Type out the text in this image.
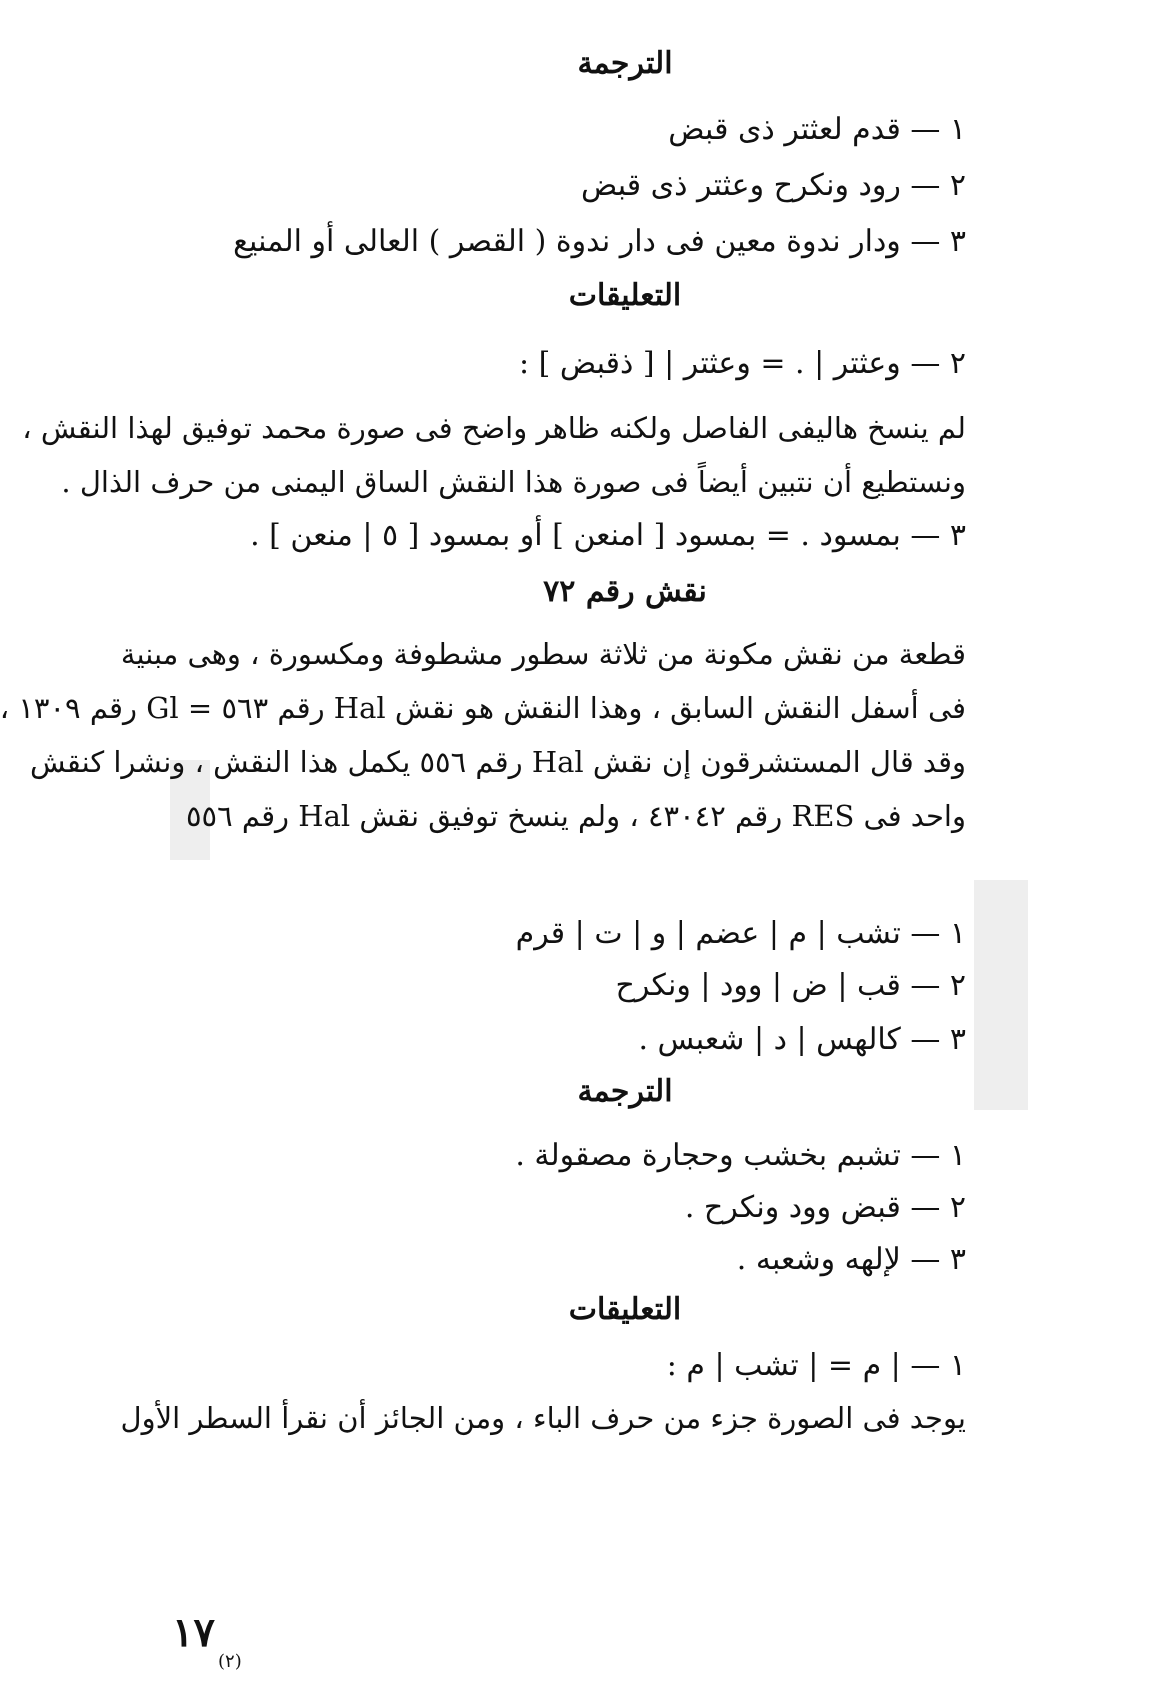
الترجمة
١ — قدم لعثتر ذى قبض
٢ — رود ونكرح وعثتر ذى قبض
٣ — ودار ندوة معين فى دار ندوة ( القصر ) العالى أو المنيع
التعليقات
٢ — وعثتر | . = وعثتر | [ ذقبض ] :
لم ينسخ هاليفى الفاصل ولكنه ظاهر واضح فى صورة محمد توفيق لهذا النقش ،
ونستطيع أن نتبين أيضاً فى صورة هذا النقش الساق اليمنى من حرف الذال .
٣ — بمسود . = بمسود [ امنعن ] أو بمسود [ ٥ | منعن ] .
نقش رقم ٧٢
قطعة من نقش مكونة من ثلاثة سطور مشطوفة ومكسورة ، وهى مبنية
فى أسفل النقش السابق ، وهذا النقش هو نقش Hal رقم ٥٦٣ = Gl رقم ١٣٠٩ ،
وقد قال المستشرقون إن نقش Hal رقم ٥٥٦ يكمل هذا النقش ، ونشرا كنقش
واحد فى RES رقم ٤٣٠٤٢ ، ولم ينسخ توفيق نقش Hal رقم ٥٥٦
١ — تشب | م | عضم | و | ت | قرم
٢ — قب | ض | وود | ونكرح
٣ — كالهس | د | شعبس .
الترجمة
١ — تشبم بخشب وحجارة مصقولة .
٢ — قبض وود ونكرح .
٣ — لإلهه وشعبه .
التعليقات
١ — | م = | تشب | م :
يوجد فى الصورة جزء من حرف الباء ، ومن الجائز أن نقرأ السطر الأول
١٧
(٢)
